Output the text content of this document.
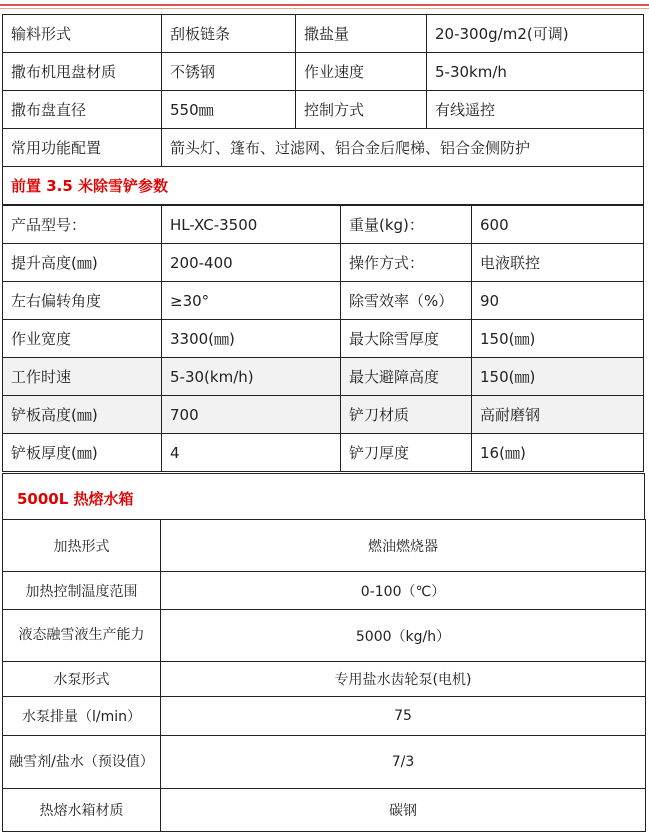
输料形式	刮板链条	撒盐量	20-300g/m2(可调)
撒布机甩盘材质	不锈钢	作业速度	5-30km/h
撒布盘直径	550㎜	控制方式	有线遥控
常用功能配置	箭头灯、篷布、过滤网、铝合金后爬梯、铝合金侧防护		
前置 3.5 米除雪铲参数			
产品型号：	HL-XC-3500	重量(kg)：	600
提升高度(㎜)	200-400	操作方式：	电液联控
左右偏转角度	≥30°	除雪效率（%）	90
作业宽度	3300(㎜)	最大除雪厚度	150(㎜)
工作时速	5-30(km/h)	最大避障高度	150(㎜)
铲板高度(㎜)	700	铲刀材质	高耐磨钢
铲板厚度(㎜)	4	铲刀厚度	16(㎜)
5000L 热熔水箱
加热形式	燃油燃烧器
加热控制温度范围	0-100（℃）
液态融雪液生产能力	5000（kg/h）
水泵形式	专用盐水齿轮泵(电机)
水泵排量（l/min）	75
融雪剂/盐水（预设值）	7/3
热熔水箱材质	碳钢
